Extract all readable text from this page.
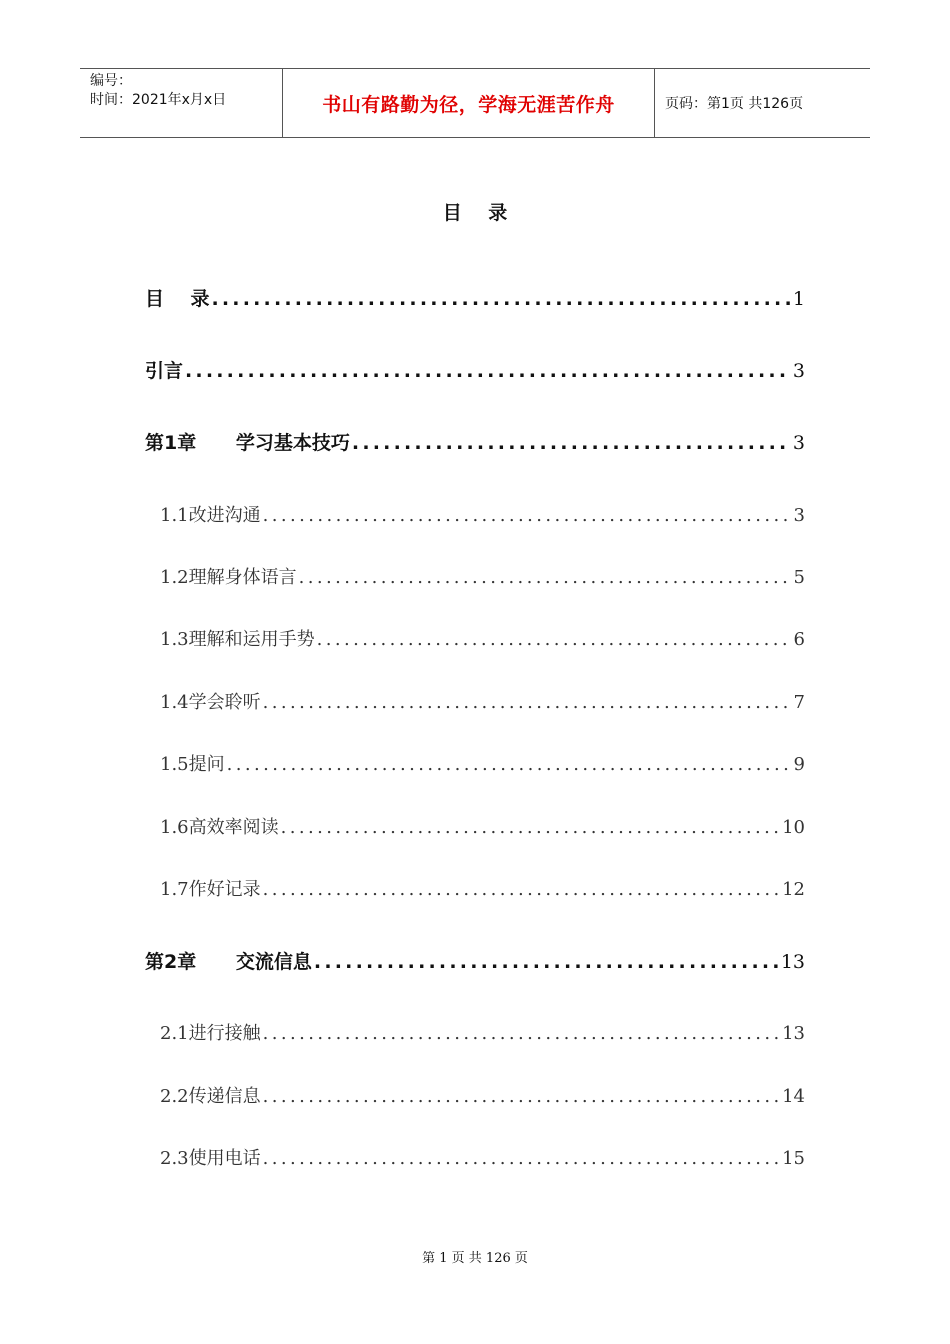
编号：
时间：2021年x月x日	书山有路勤为径，学海无涯苦作舟	页码：第1页 共126页
目    录
目    录 .....	1
引言 .....	3
第1章      学习基本技巧 .....	3
1.1改进沟通 .....	3
1.2理解身体语言 .....	5
1.3理解和运用手势 .....	6
1.4学会聆听 .....	7
1.5提问 .....	9
1.6高效率阅读 .....	10
1.7作好记录 .....	12
第2章      交流信息 .....	13
2.1进行接触 .....	13
2.2传递信息 .....	14
2.3使用电话 .....	15
第 1 页 共 126 页
